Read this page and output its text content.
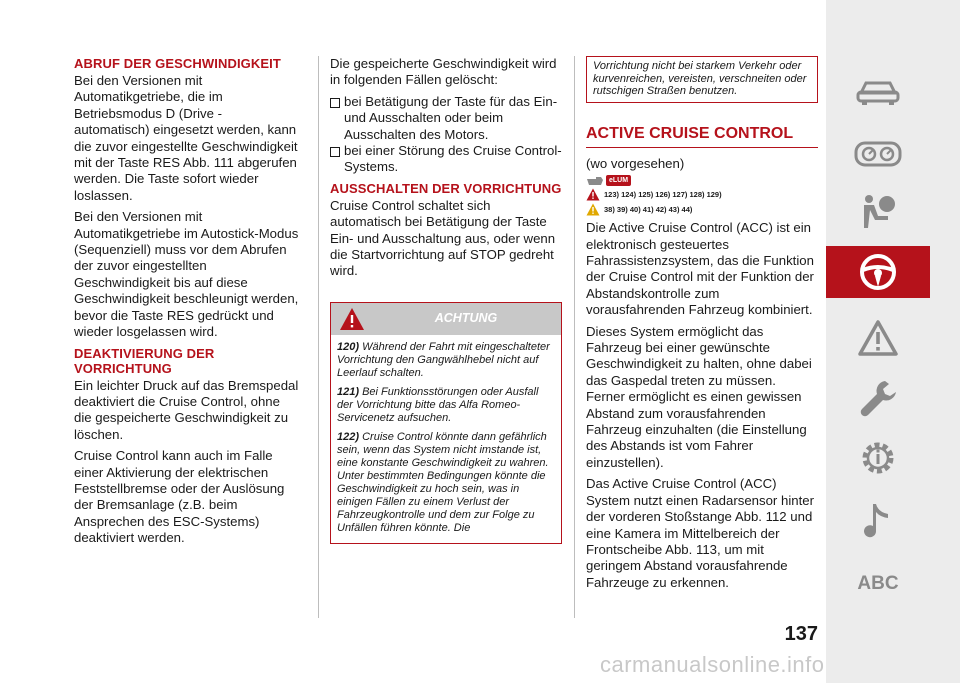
ABRUF DER GESCHWINDIGKEIT

Bei den Versionen mit Automatikgetriebe, die im Betriebsmodus D (Drive - automatisch) eingesetzt werden, kann die zuvor eingestellte Geschwindigkeit mit der Taste RES Abb. 111 abgerufen werden. Die Taste sofort wieder loslassen.

Bei den Versionen mit Automatikgetriebe im Autostick-Modus (Sequenziell) muss vor dem Abrufen der zuvor eingestellten Geschwindigkeit bis auf diese Geschwindigkeit beschleunigt werden, bevor die Taste RES gedrückt und wieder losgelassen wird.

DEAKTIVIERUNG DER VORRICHTUNG

Ein leichter Druck auf das Bremspedal deaktiviert die Cruise Control, ohne die gespeicherte Geschwindigkeit zu löschen.

Cruise Control kann auch im Falle einer Aktivierung der elektrischen Feststellbremse oder der Auslösung der Bremsanlage (z.B. beim Ansprechen des ESC-Systems) deaktiviert werden.

Die gespeicherte Geschwindigkeit wird in folgenden Fällen gelöscht:

bei Betätigung der Taste für das Ein- und Ausschalten oder beim Ausschalten des Motors.
bei einer Störung des Cruise Control-Systems.
AUSSCHALTEN DER VORRICHTUNG

Cruise Control schaltet sich automatisch bei Betätigung der Taste Ein- und Ausschaltung aus, oder wenn die Startvorrichtung auf STOP gedreht wird.

ACHTUNG

120) Während der Fahrt mit eingeschalteter Vorrichtung den Gangwählhebel nicht auf Leerlauf schalten.

121) Bei Funktionsstörungen oder Ausfall der Vorrichtung bitte das Alfa Romeo-Servicenetz aufsuchen.

122) Cruise Control könnte dann gefährlich sein, wenn das System nicht imstande ist, eine konstante Geschwindigkeit zu wahren. Unter bestimmten Bedingungen könnte die Geschwindigkeit zu hoch sein, was in einigen Fällen zu einem Verlust der Fahrzeugkontrolle und dem zur Folge zu Unfällen führen könnte. Die

Vorrichtung nicht bei starkem Verkehr oder kurvenreichen, vereisten, verschneiten oder rutschigen Straßen benutzen.

ACTIVE CRUISE CONTROL

(wo vorgesehen)

eLUM
123) 124) 125) 126) 127) 128) 129)
38) 39) 40) 41) 42) 43) 44)

Die Active Cruise Control (ACC) ist ein elektronisch gesteuertes Fahrassistenzsystem, das die Funktion der Cruise Control mit der Funktion der Abstandskontrolle zum vorausfahrenden Fahrzeug kombiniert.

Dieses System ermöglicht das Fahrzeug bei einer gewünschte Geschwindigkeit zu halten, ohne dabei das Gaspedal treten zu müssen. Ferner ermöglicht es einen gewissen Abstand zum vorausfahrenden Fahrzeug einzuhalten (die Einstellung des Abstands ist vom Fahrer einzustellen).

Das Active Cruise Control (ACC) System nutzt einen Radarsensor hinter der vorderen Stoßstange Abb. 112 und eine Kamera im Mittelbereich der Frontscheibe Abb. 113, um mit geringem Abstand vorausfahrende Fahrzeuge zu erkennen.

137
ABC
carmanualsonline.info
